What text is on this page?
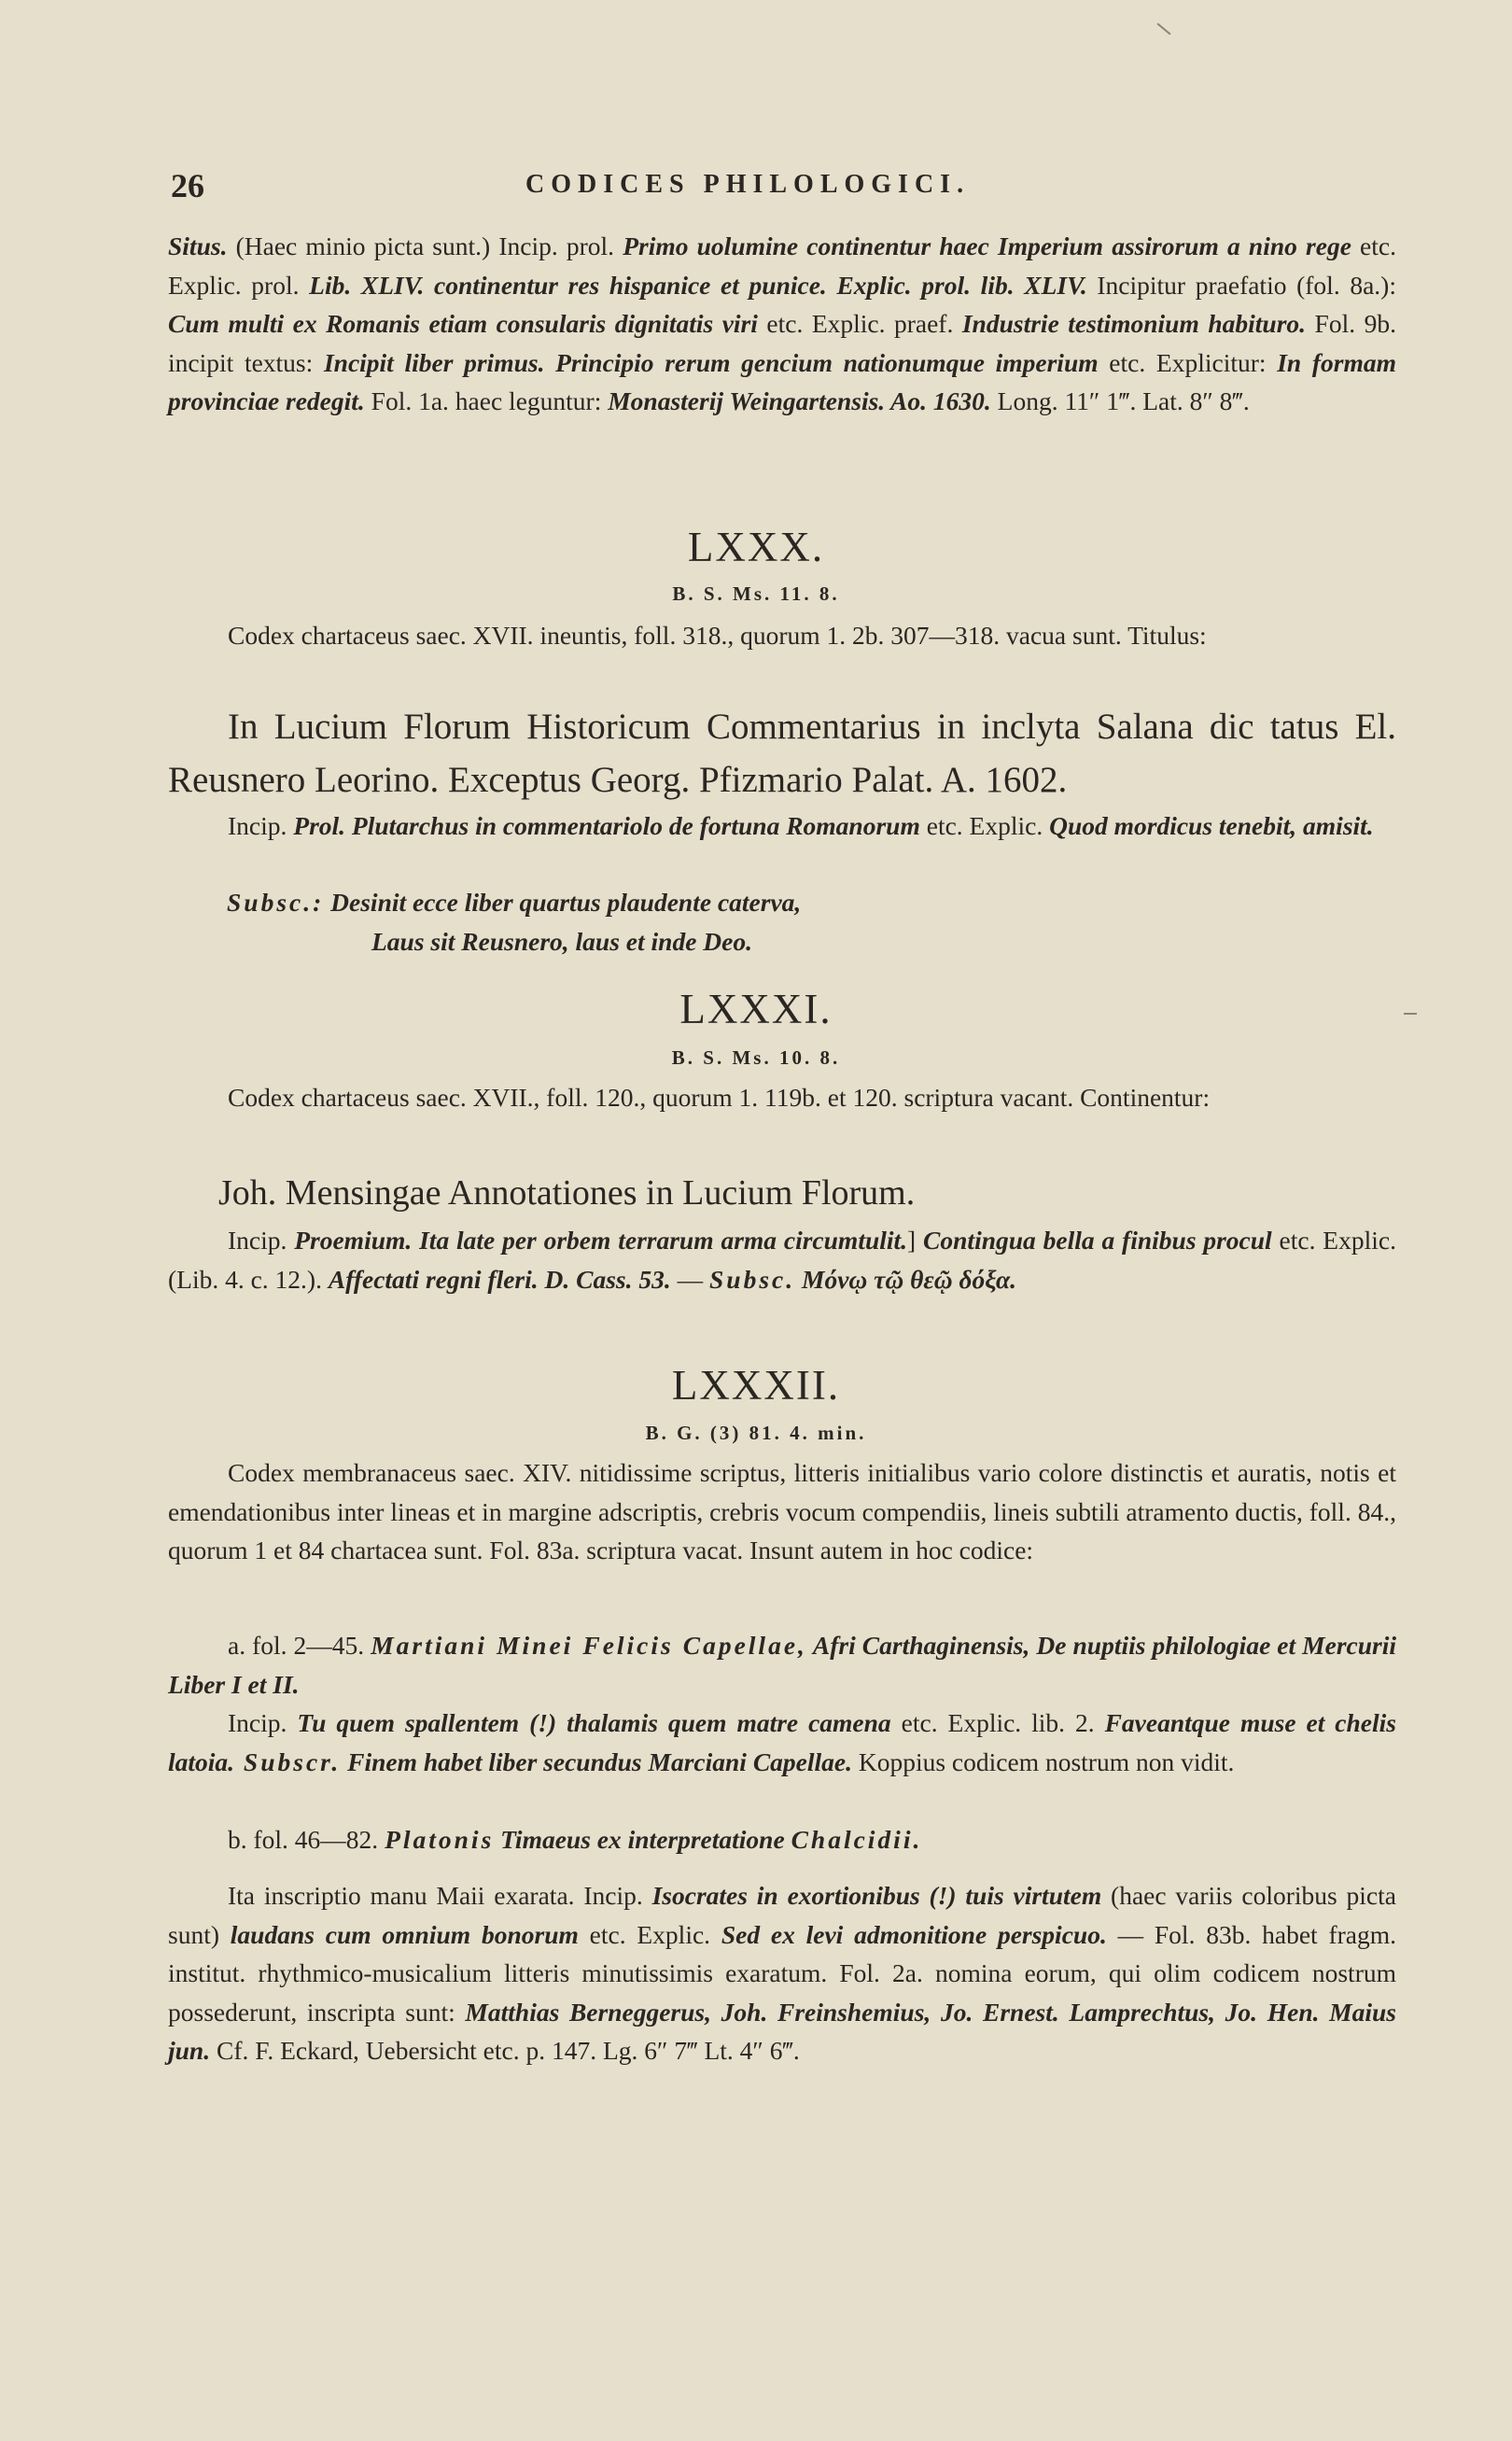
26	CODICES PHILOLOGICI.

Situs. (Haec minio picta sunt.) Incip. prol. Primo uolumine continentur haec Imperium assirorum a nino rege etc. Explic. prol. Lib. XLIV. continentur res hispanice et punice. Explic. prol. lib. XLIV. Incipitur praefatio (fol. 8a.): Cum multi ex Romanis etiam consularis dignitatis viri etc. Explic. praef. Industrie testimonium habituro. Fol. 9b. incipit textus: Incipit liber primus. Principio rerum gencium nationumque imperium etc. Explicitur: In formam provinciae redegit. Fol. 1a. haec leguntur: Monasterij Weingartensis. Ao. 1630. Long. 11″ 1‴. Lat. 8″ 8‴.

LXXX.
B. S. Ms. 11. 8.
Codex chartaceus saec. XVII. ineuntis, foll. 318., quorum 1. 2b. 307—318. vacua sunt. Titulus:
In Lucium Florum Historicum Commentarius in inclyta Salana dic tatus El. Reusnero Leorino. Exceptus Georg. Pfizmario Palat. A. 1602.
Incip. Prol. Plutarchus in commentariolo de fortuna Romanorum etc. Explic. Quod mordicus tenebit, amisit.
Subsc.: Desinit ecce liber quartus plaudente caterva,
Laus sit Reusnero, laus et inde Deo.
LXXXI.
B. S. Ms. 10. 8.
Codex chartaceus saec. XVII., foll. 120., quorum 1. 119b. et 120. scriptura vacant. Continentur:
Joh. Mensingae Annotationes in Lucium Florum.
Incip. Proemium. Ita late per orbem terrarum arma circumtulit.] Contingua bella a finibus procul etc. Explic. (Lib. 4. c. 12.). Affectati regni fleri. D. Cass. 53. — Subsc. Μόνῳ τῷ θεῷ δόξα.
LXXXII.
B. G. (3) 81. 4. min.
Codex membranaceus saec. XIV. nitidissime scriptus, litteris initialibus vario colore distinctis et auratis, notis et emendationibus inter lineas et in margine adscriptis, crebris vocum compendiis, lineis subtili atramento ductis, foll. 84., quorum 1 et 84 chartacea sunt. Fol. 83a. scriptura vacat. Insunt autem in hoc codice:
a. fol. 2—45. Martiani Minei Felicis Capellae, Afri Carthaginensis, De nuptiis philologiae et Mercurii Liber I et II.
Incip. Tu quem spallentem (!) thalamis quem matre camena etc. Explic. lib. 2. Faveantque muse et chelis latoia. Subscr. Finem habet liber secundus Marciani Capellae. Koppius codicem nostrum non vidit.
b. fol. 46—82. Platonis Timaeus ex interpretatione Chalcidii.
Ita inscriptio manu Maii exarata. Incip. Isocrates in exortionibus (!) tuis virtutem (haec variis coloribus picta sunt) laudans cum omnium bonorum etc. Explic. Sed ex levi admonitione perspicuo. — Fol. 83b. habet fragm. institut. rhythmico-musicalium litteris minutissimis exaratum. Fol. 2a. nomina eorum, qui olim codicem nostrum possederunt, inscripta sunt: Matthias Berneggerus, Joh. Freinshemius, Jo. Ernest. Lamprechtus, Jo. Hen. Maius jun. Cf. F. Eckard, Uebersicht etc. p. 147. Lg. 6″ 7‴ Lt. 4″ 6‴.
